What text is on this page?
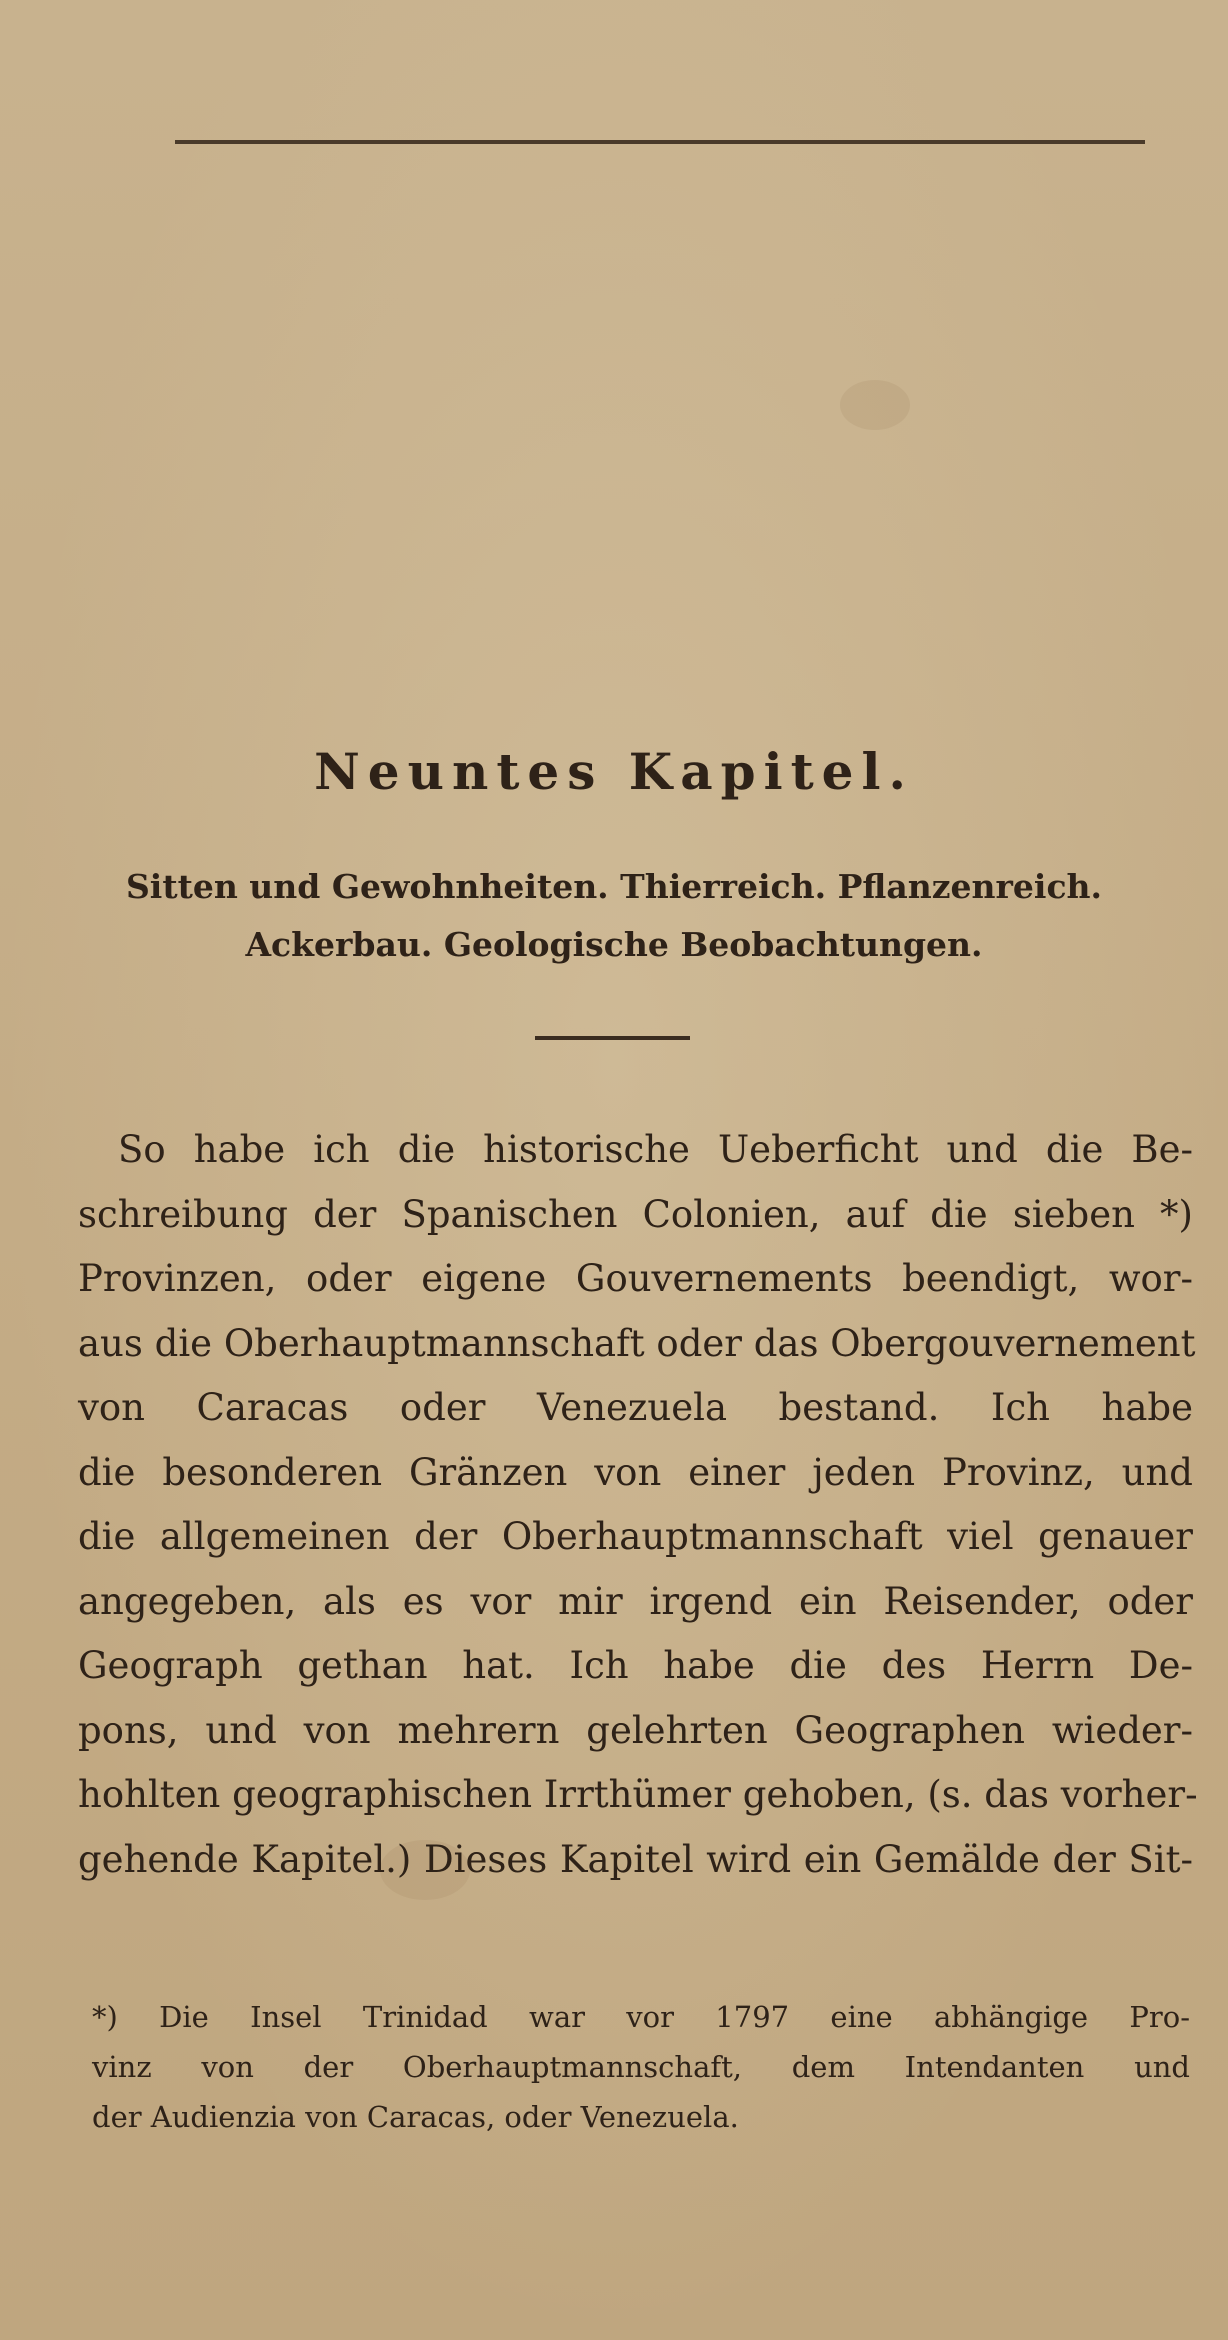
Neuntes Kapitel.
Sitten und Gewohnheiten. Thierreich. Pflanzenreich.
Ackerbau. Geologische Beobachtungen.
So habe ich die historische Ueberficht und die Be-
schreibung der Spanischen Colonien, auf die sieben *)
Provinzen, oder eigene Gouvernements beendigt, wor-
aus die Oberhauptmannschaft oder das Obergouvernement
von Caracas oder Venezuela bestand. Ich habe
die besonderen Gränzen von einer jeden Provinz, und
die allgemeinen der Oberhauptmannschaft viel genauer
angegeben, als es vor mir irgend ein Reisender, oder
Geograph gethan hat. Ich habe die des Herrn De-
pons, und von mehrern gelehrten Geographen wieder-
hohlten geographischen Irrthümer gehoben, (s. das vorher-
gehende Kapitel.) Dieses Kapitel wird ein Gemälde der Sit-
*) Die Insel Trinidad war vor 1797 eine abhängige Pro-
vinz von der Oberhauptmannschaft, dem Intendanten und
der Audienzia von Caracas, oder Venezuela.
